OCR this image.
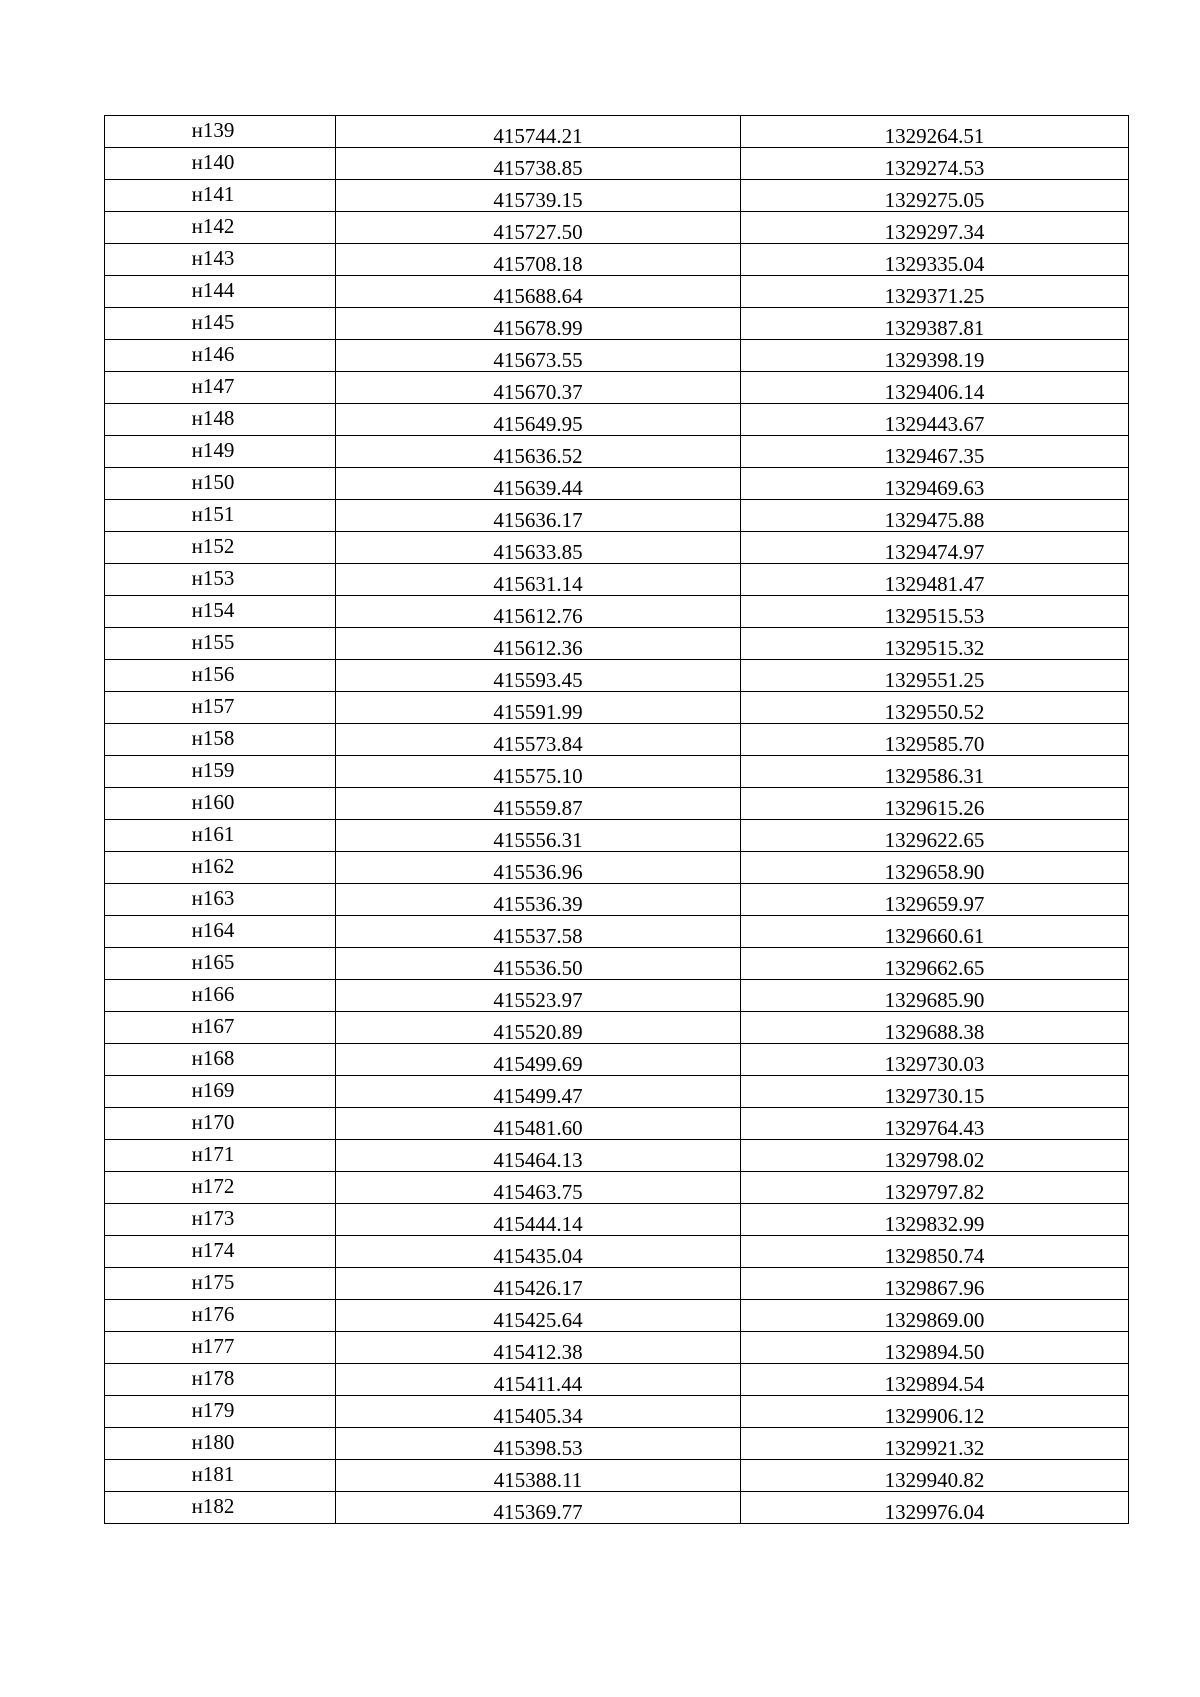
н139	415744.21	1329264.51
н140	415738.85	1329274.53
н141	415739.15	1329275.05
н142	415727.50	1329297.34
н143	415708.18	1329335.04
н144	415688.64	1329371.25
н145	415678.99	1329387.81
н146	415673.55	1329398.19
н147	415670.37	1329406.14
н148	415649.95	1329443.67
н149	415636.52	1329467.35
н150	415639.44	1329469.63
н151	415636.17	1329475.88
н152	415633.85	1329474.97
н153	415631.14	1329481.47
н154	415612.76	1329515.53
н155	415612.36	1329515.32
н156	415593.45	1329551.25
н157	415591.99	1329550.52
н158	415573.84	1329585.70
н159	415575.10	1329586.31
н160	415559.87	1329615.26
н161	415556.31	1329622.65
н162	415536.96	1329658.90
н163	415536.39	1329659.97
н164	415537.58	1329660.61
н165	415536.50	1329662.65
н166	415523.97	1329685.90
н167	415520.89	1329688.38
н168	415499.69	1329730.03
н169	415499.47	1329730.15
н170	415481.60	1329764.43
н171	415464.13	1329798.02
н172	415463.75	1329797.82
н173	415444.14	1329832.99
н174	415435.04	1329850.74
н175	415426.17	1329867.96
н176	415425.64	1329869.00
н177	415412.38	1329894.50
н178	415411.44	1329894.54
н179	415405.34	1329906.12
н180	415398.53	1329921.32
н181	415388.11	1329940.82
н182	415369.77	1329976.04
